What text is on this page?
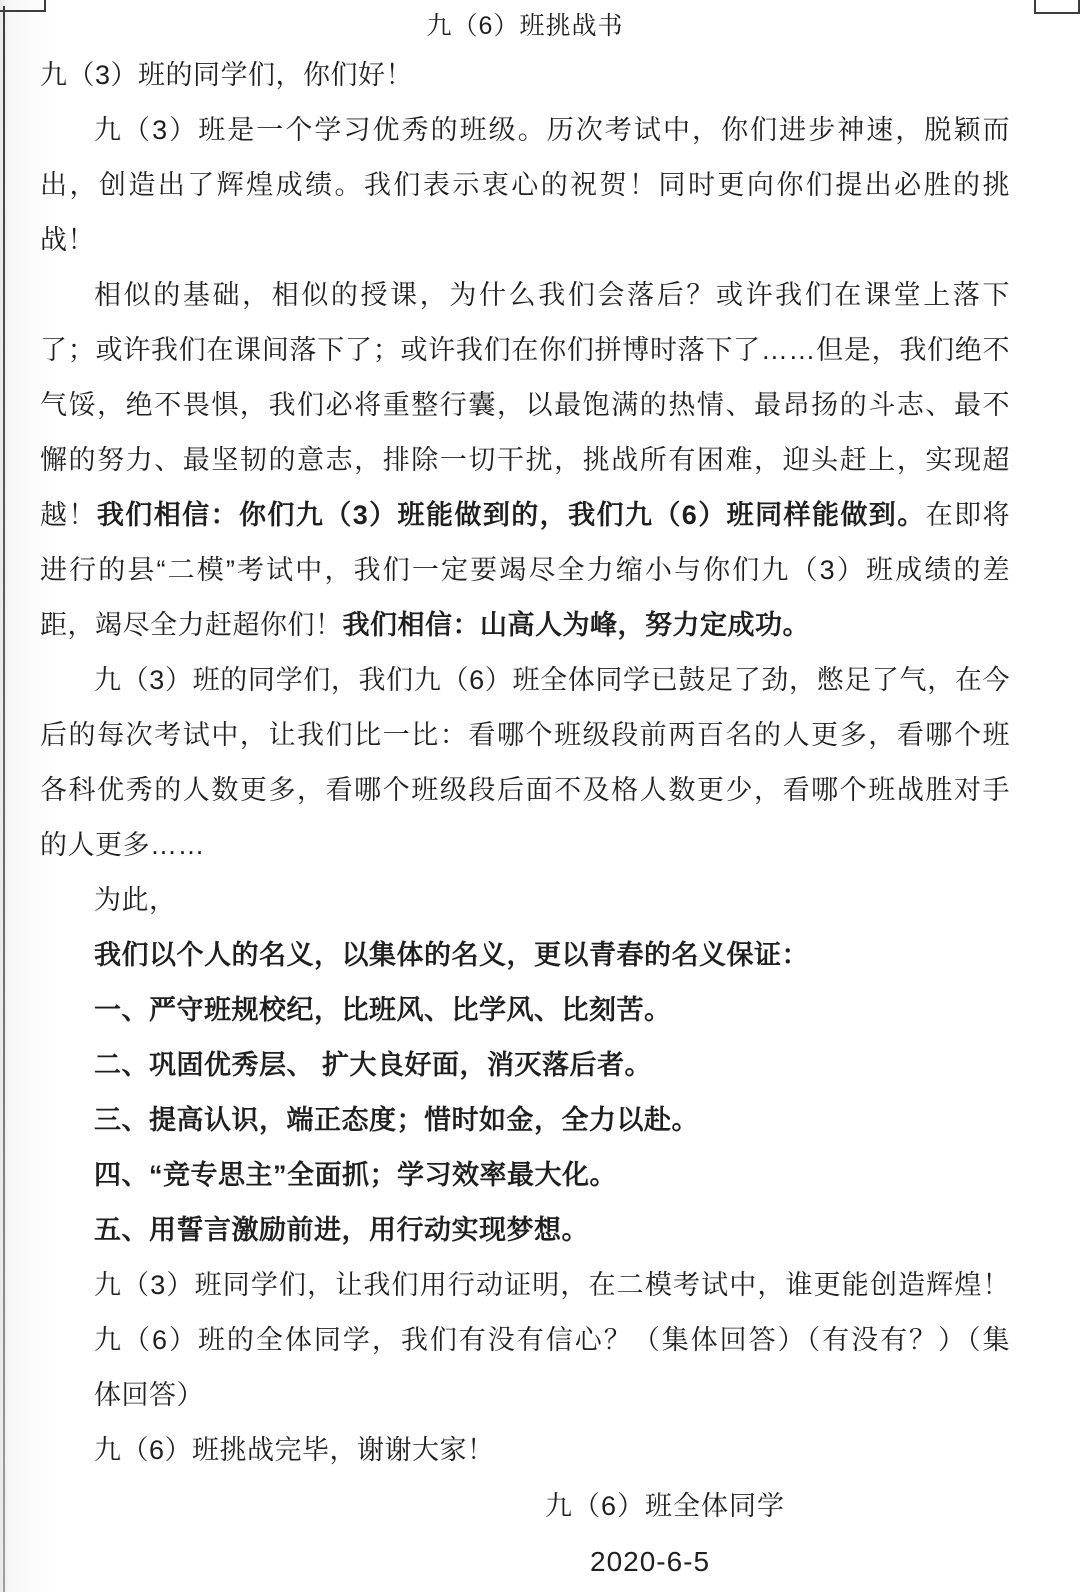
九（6）班挑战书
九（3）班的同学们，你们好！
九（3）班是一个学习优秀的班级。历次考试中，你们进步神速，脱颖而
出，创造出了辉煌成绩。我们表示衷心的祝贺！同时更向你们提出必胜的挑
战！
相似的基础，相似的授课，为什么我们会落后？或许我们在课堂上落下
了；或许我们在课间落下了；或许我们在你们拼博时落下了……但是，我们绝不
气馁，绝不畏惧，我们必将重整行囊，以最饱满的热情、最昂扬的斗志、最不
懈的努力、最坚韧的意志，排除一切干扰，挑战所有困难，迎头赶上，实现超
越！我们相信：你们九（3）班能做到的，我们九（6）班同样能做到。在即将
进行的县“二模”考试中，我们一定要竭尽全力缩小与你们九（3）班成绩的差
距，竭尽全力赶超你们！我们相信：山高人为峰，努力定成功。
九（3）班的同学们，我们九（6）班全体同学已鼓足了劲，憋足了气，在今
后的每次考试中，让我们比一比：看哪个班级段前两百名的人更多，看哪个班
各科优秀的人数更多，看哪个班级段后面不及格人数更少，看哪个班战胜对手
的人更多……
为此，
我们以个人的名义，以集体的名义，更以青春的名义保证：
一、严守班规校纪，比班风、比学风、比刻苦。
二、巩固优秀层、 扩大良好面，消灭落后者。
三、提高认识，端正态度；惜时如金，全力以赴。
四、“竞专思主”全面抓；学习效率最大化。
五、用誓言激励前进，用行动实现梦想。
九（3）班同学们，让我们用行动证明，在二模考试中，谁更能创造辉煌！
九（6）班的全体同学，我们有没有信心？（集体回答）（有没有？）（集
体回答）
九（6）班挑战完毕，谢谢大家！
九（6）班全体同学
2020-6-5
